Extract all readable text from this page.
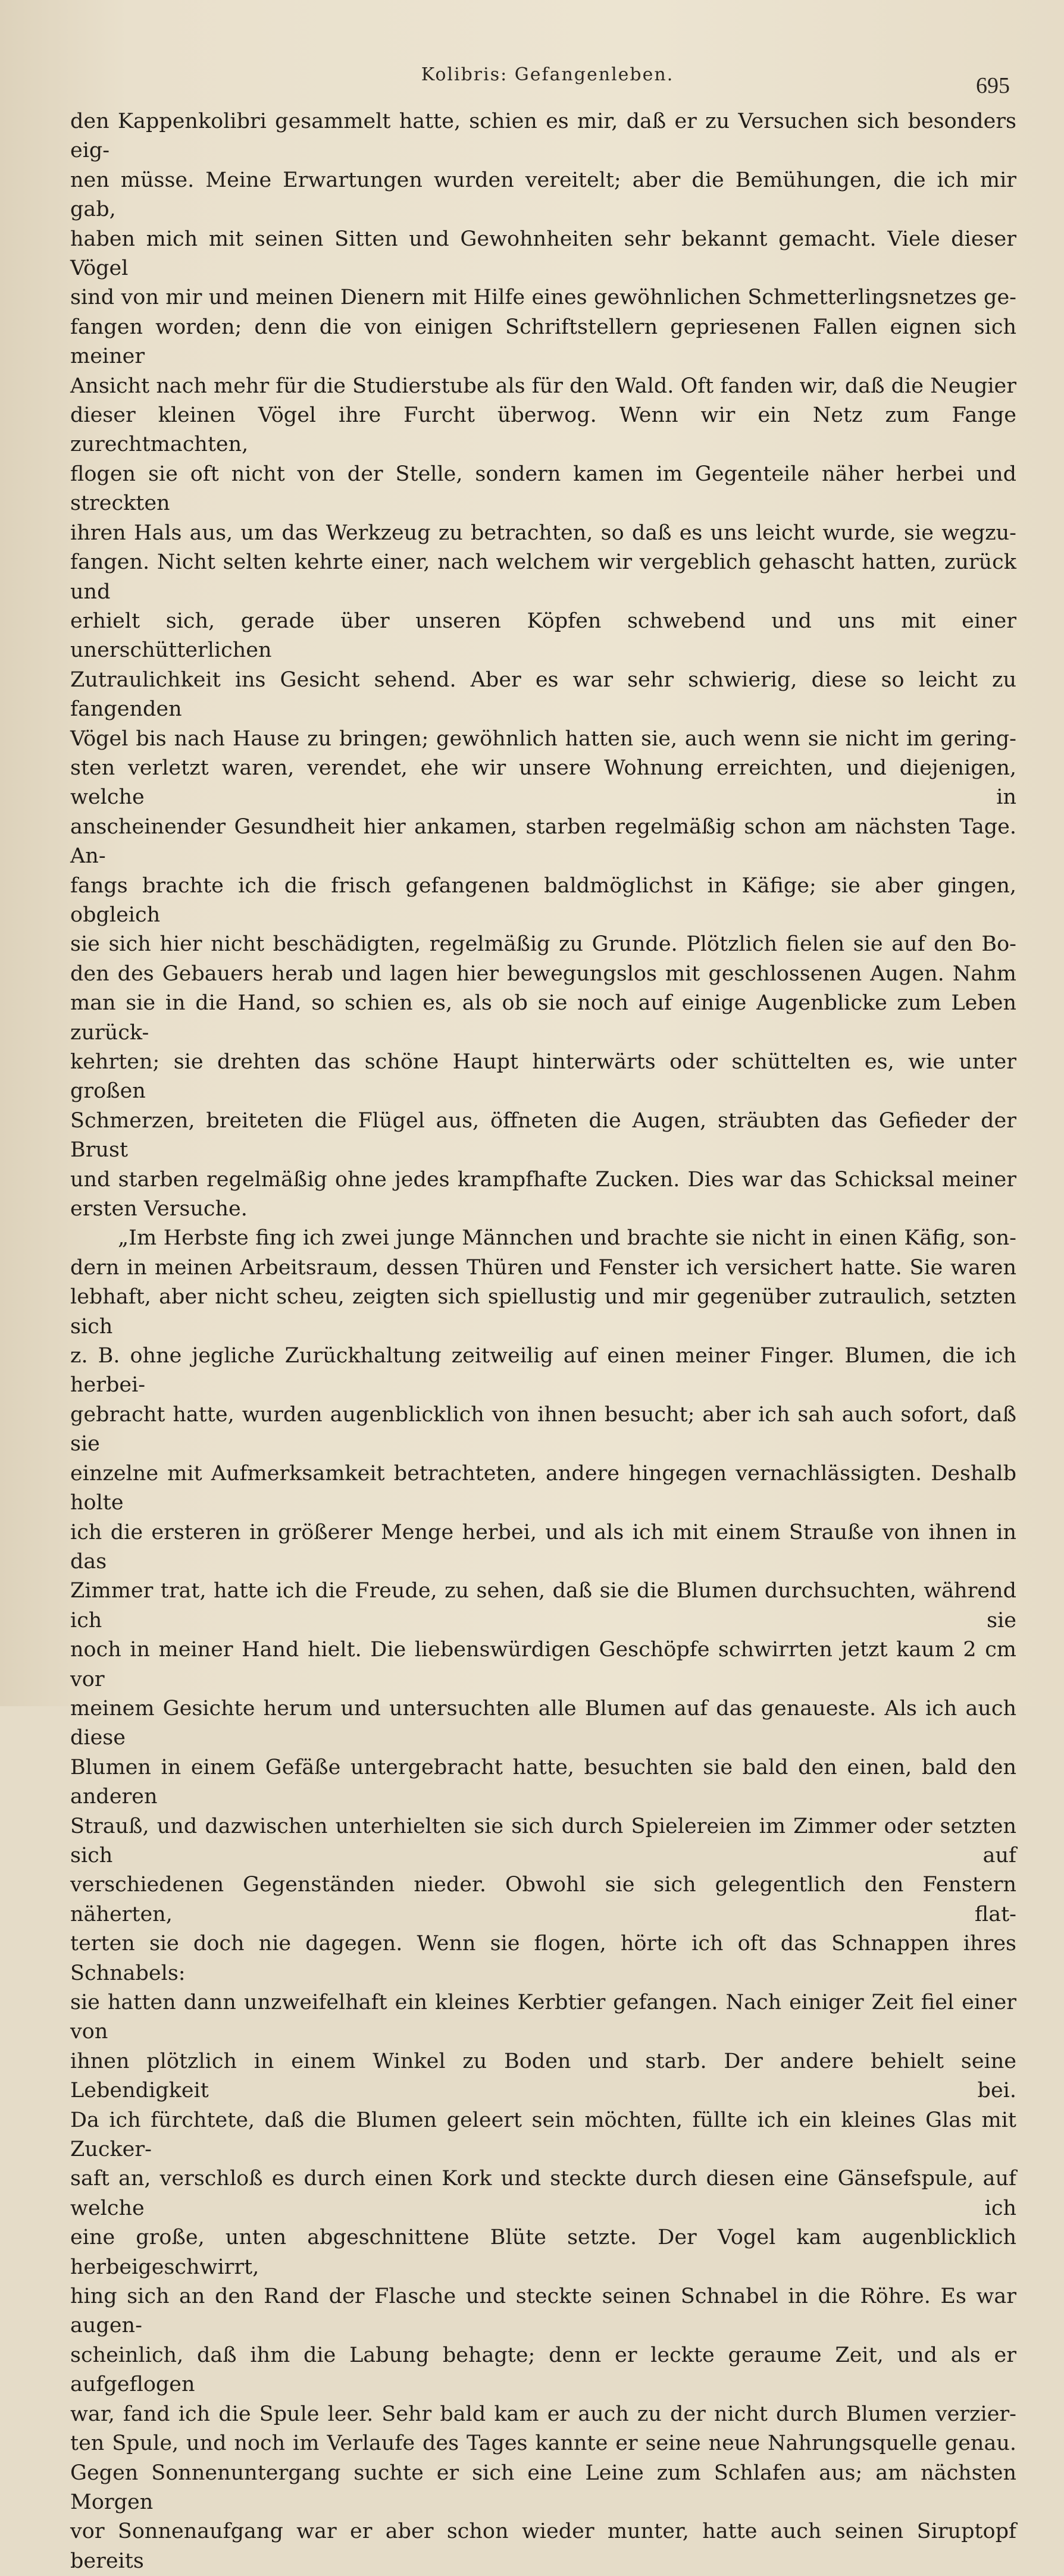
Kolibris: Gefangenleben.	695

den Kappenkolibri gesammelt hatte, schien es mir, daß er zu Versuchen sich besonders eig-

nen müsse. Meine Erwartungen wurden vereitelt; aber die Bemühungen, die ich mir gab,

haben mich mit seinen Sitten und Gewohnheiten sehr bekannt gemacht. Viele dieser Vögel

sind von mir und meinen Dienern mit Hilfe eines gewöhnlichen Schmetterlingsnetzes ge-

fangen worden; denn die von einigen Schriftstellern gepriesenen Fallen eignen sich meiner

Ansicht nach mehr für die Studierstube als für den Wald. Oft fanden wir, daß die Neugier

dieser kleinen Vögel ihre Furcht überwog. Wenn wir ein Netz zum Fange zurechtmachten,

flogen sie oft nicht von der Stelle, sondern kamen im Gegenteile näher herbei und streckten

ihren Hals aus, um das Werkzeug zu betrachten, so daß es uns leicht wurde, sie wegzu-

fangen. Nicht selten kehrte einer, nach welchem wir vergeblich gehascht hatten, zurück und

erhielt sich, gerade über unseren Köpfen schwebend und uns mit einer unerschütterlichen

Zutraulichkeit ins Gesicht sehend. Aber es war sehr schwierig, diese so leicht zu fangenden

Vögel bis nach Hause zu bringen; gewöhnlich hatten sie, auch wenn sie nicht im gering-

sten verletzt waren, verendet, ehe wir unsere Wohnung erreichten, und diejenigen, welche in

anscheinender Gesundheit hier ankamen, starben regelmäßig schon am nächsten Tage. An-

fangs brachte ich die frisch gefangenen baldmöglichst in Käfige; sie aber gingen, obgleich

sie sich hier nicht beschädigten, regelmäßig zu Grunde. Plötzlich fielen sie auf den Bo-

den des Gebauers herab und lagen hier bewegungslos mit geschlossenen Augen. Nahm

man sie in die Hand, so schien es, als ob sie noch auf einige Augenblicke zum Leben zurück-

kehrten; sie drehten das schöne Haupt hinterwärts oder schüttelten es, wie unter großen

Schmerzen, breiteten die Flügel aus, öffneten die Augen, sträubten das Gefieder der Brust

und starben regelmäßig ohne jedes krampfhafte Zucken. Dies war das Schicksal meiner

ersten Versuche.

„Im Herbste fing ich zwei junge Männchen und brachte sie nicht in einen Käfig, son-

dern in meinen Arbeitsraum, dessen Thüren und Fenster ich versichert hatte. Sie waren

lebhaft, aber nicht scheu, zeigten sich spiellustig und mir gegenüber zutraulich, setzten sich

z. B. ohne jegliche Zurückhaltung zeitweilig auf einen meiner Finger. Blumen, die ich herbei-

gebracht hatte, wurden augenblicklich von ihnen besucht; aber ich sah auch sofort, daß sie

einzelne mit Aufmerksamkeit betrachteten, andere hingegen vernachlässigten. Deshalb holte

ich die ersteren in größerer Menge herbei, und als ich mit einem Strauße von ihnen in das

Zimmer trat, hatte ich die Freude, zu sehen, daß sie die Blumen durchsuchten, während ich sie

noch in meiner Hand hielt. Die liebenswürdigen Geschöpfe schwirrten jetzt kaum 2 cm vor

meinem Gesichte herum und untersuchten alle Blumen auf das genaueste. Als ich auch diese

Blumen in einem Gefäße untergebracht hatte, besuchten sie bald den einen, bald den anderen

Strauß, und dazwischen unterhielten sie sich durch Spielereien im Zimmer oder setzten sich auf

verschiedenen Gegenständen nieder. Obwohl sie sich gelegentlich den Fenstern näherten, flat-

terten sie doch nie dagegen. Wenn sie flogen, hörte ich oft das Schnappen ihres Schnabels:

sie hatten dann unzweifelhaft ein kleines Kerbtier gefangen. Nach einiger Zeit fiel einer von

ihnen plötzlich in einem Winkel zu Boden und starb. Der andere behielt seine Lebendigkeit bei.

Da ich fürchtete, daß die Blumen geleert sein möchten, füllte ich ein kleines Glas mit Zucker-

saft an, verschloß es durch einen Kork und steckte durch diesen eine Gänsefspule, auf welche ich

eine große, unten abgeschnittene Blüte setzte. Der Vogel kam augenblicklich herbeigeschwirrt,

hing sich an den Rand der Flasche und steckte seinen Schnabel in die Röhre. Es war augen-

scheinlich, daß ihm die Labung behagte; denn er leckte geraume Zeit, und als er aufgeflogen

war, fand ich die Spule leer. Sehr bald kam er auch zu der nicht durch Blumen verzier-

ten Spule, und noch im Verlaufe des Tages kannte er seine neue Nahrungsquelle genau.

Gegen Sonnenuntergang suchte er sich eine Leine zum Schlafen aus; am nächsten Morgen

vor Sonnenaufgang war er aber schon wieder munter, hatte auch seinen Siruptopf bereits
